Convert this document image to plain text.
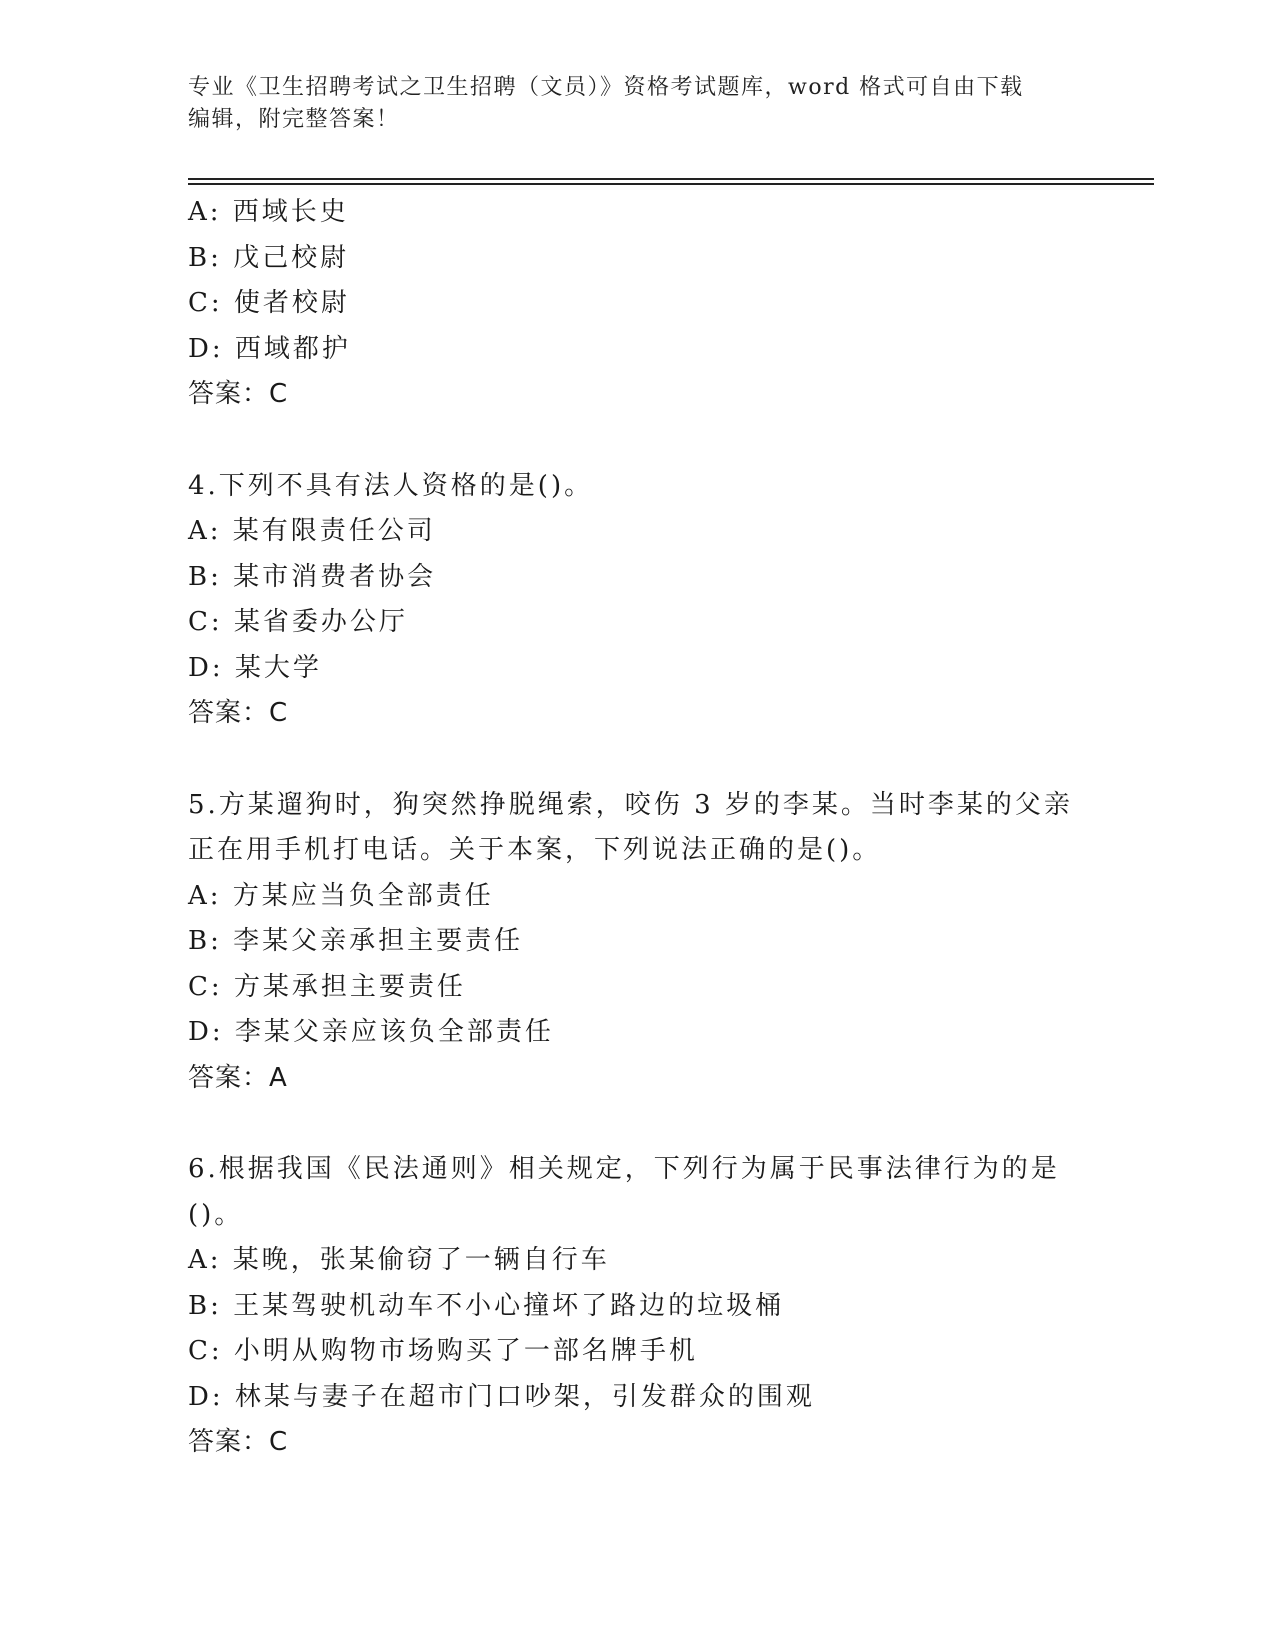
专业《卫生招聘考试之卫生招聘（文员）》资格考试题库，word 格式可自由下载
编辑，附完整答案！
A: 西域长史
B: 戊己校尉
C: 使者校尉
D: 西域都护
答案：C
4.下列不具有法人资格的是()。
A: 某有限责任公司
B: 某市消费者协会
C: 某省委办公厅
D: 某大学
答案：C
5.方某遛狗时，狗突然挣脱绳索，咬伤 3 岁的李某。当时李某的父亲
正在用手机打电话。关于本案，下列说法正确的是()。
A: 方某应当负全部责任
B: 李某父亲承担主要责任
C: 方某承担主要责任
D: 李某父亲应该负全部责任
答案：A
6.根据我国《民法通则》相关规定，下列行为属于民事法律行为的是
()。
A: 某晚，张某偷窃了一辆自行车
B: 王某驾驶机动车不小心撞坏了路边的垃圾桶
C: 小明从购物市场购买了一部名牌手机
D: 林某与妻子在超市门口吵架，引发群众的围观
答案：C
